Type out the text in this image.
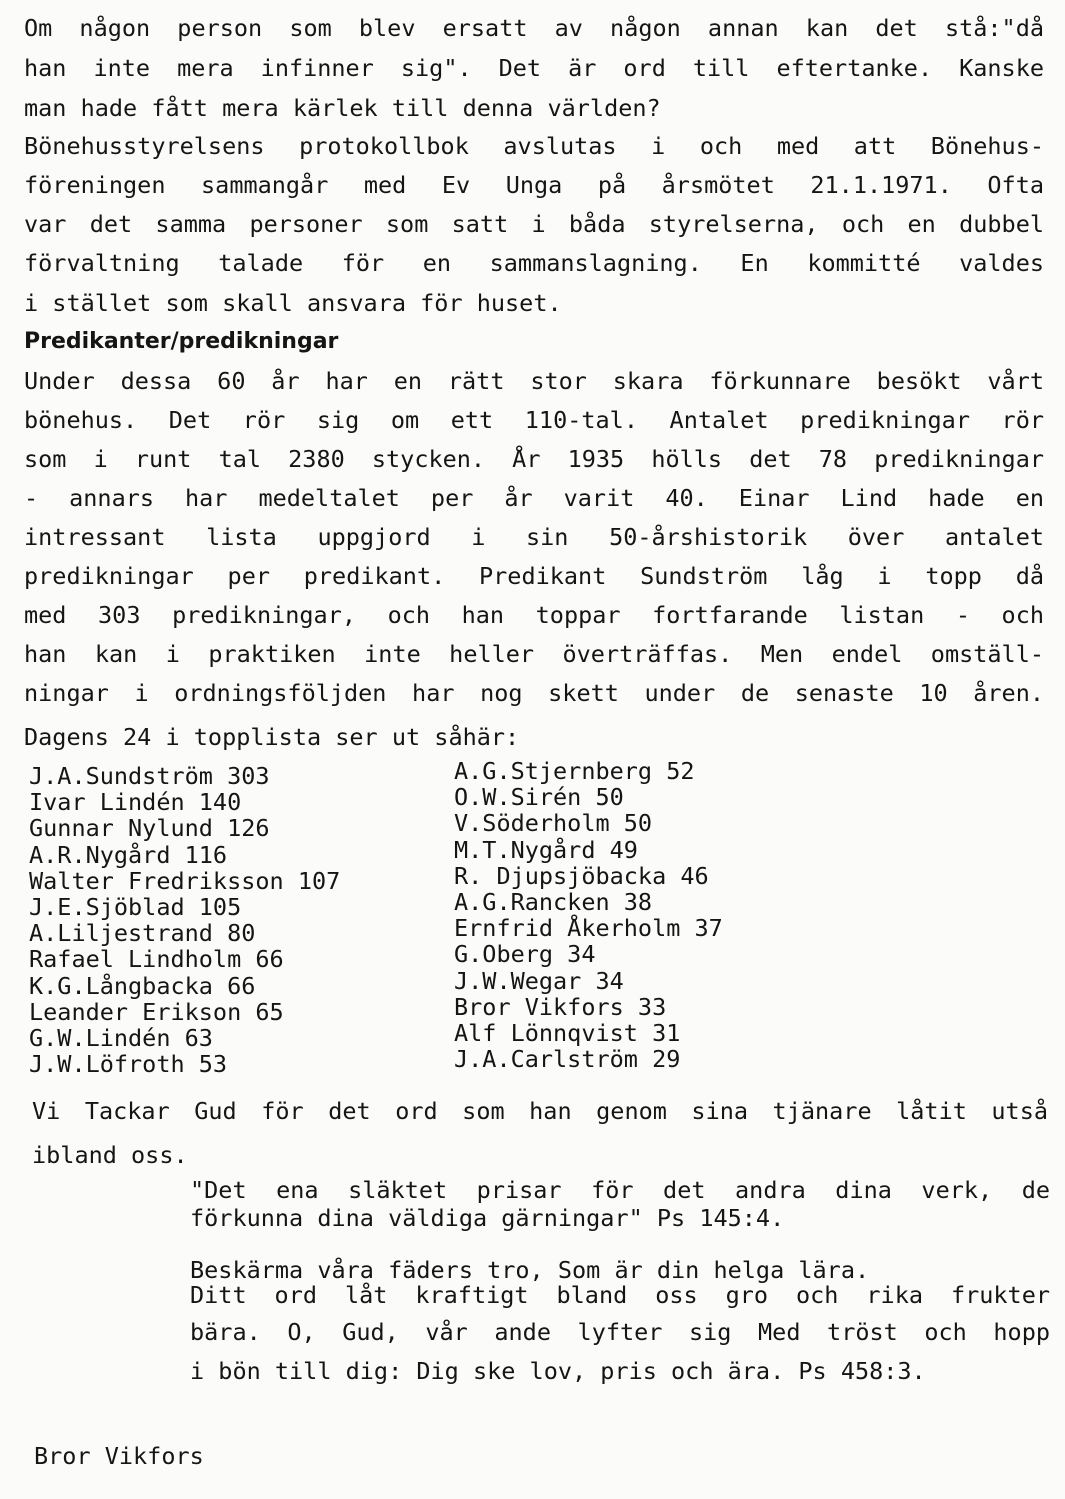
Om någon person som blev ersatt av någon annan kan det stå:"då
han inte mera infinner sig". Det är ord till eftertanke. Kanske
man hade fått mera kärlek till denna världen?
Bönehusstyrelsens protokollbok avslutas i och med att Bönehus-
föreningen sammangår med Ev Unga på årsmötet 21.1.1971. Ofta
var det samma personer som satt i båda styrelserna, och en dubbel
förvaltning talade för en sammanslagning. En kommitté valdes
i stället som skall ansvara för huset.
Predikanter/predikningar
Under dessa 60 år har en rätt stor skara förkunnare besökt vårt
bönehus. Det rör sig om ett 110-tal. Antalet predikningar rör
som i runt tal 2380 stycken. År 1935 hölls det 78 predikningar
- annars har medeltalet per år varit 40. Einar Lind hade en
intressant lista uppgjord i sin 50-årshistorik över antalet
predikningar per predikant. Predikant Sundström låg i topp då
med 303 predikningar, och han toppar fortfarande listan - och
han kan i praktiken inte heller överträffas. Men endel omställ-
ningar i ordningsföljden har nog skett under de senaste 10 åren.
Dagens 24 i topplista ser ut såhär:
J.A.Sundström 303
Ivar Lindén 140
Gunnar Nylund 126
A.R.Nygård 116
Walter Fredriksson 107
J.E.Sjöblad 105
A.Liljestrand 80
Rafael Lindholm 66
K.G.Långbacka 66
Leander Erikson 65
G.W.Lindén 63
J.W.Löfroth 53
A.G.Stjernberg 52
O.W.Sirén 50
V.Söderholm 50
M.T.Nygård 49
R. Djupsjöbacka 46
A.G.Rancken 38
Ernfrid Åkerholm 37
G.Oberg 34
J.W.Wegar 34
Bror Vikfors 33
Alf Lönnqvist 31
J.A.Carlström 29
Vi Tackar Gud för det ord som han genom sina tjänare låtit utså
ibland oss.
"Det ena släktet prisar för det andra dina verk, de
förkunna dina väldiga gärningar" Ps 145:4.
Beskärma våra fäders tro, Som är din helga lära.
Ditt ord låt kraftigt bland oss gro och rika frukter
bära. O, Gud, vår ande lyfter sig Med tröst och hopp
i bön till dig: Dig ske lov, pris och ära. Ps 458:3.
Bror Vikfors
